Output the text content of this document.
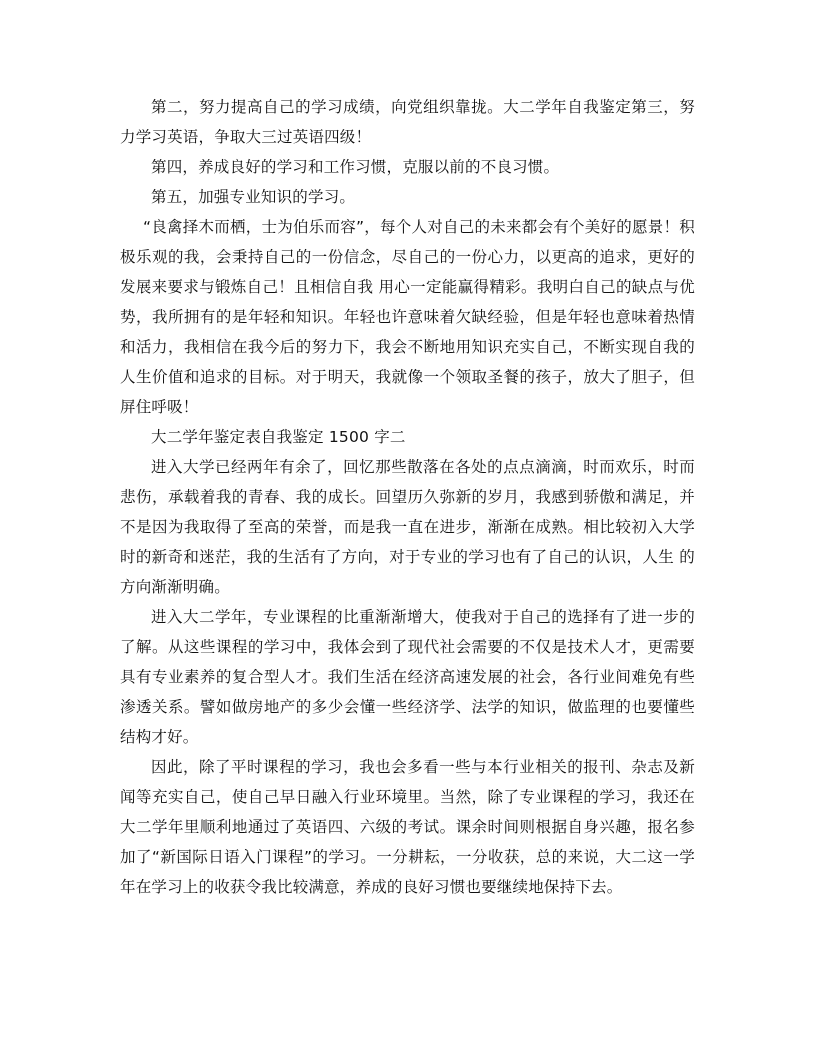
第二，努力提高自己的学习成绩，向党组织靠拢。大二学年自我鉴定第三，努力学习英语，争取大三过英语四级！

第四，养成良好的学习和工作习惯，克服以前的不良习惯。

第五，加强专业知识的学习。

“良禽择木而栖，士为伯乐而容”，每个人对自己的未来都会有个美好的愿景！积极乐观的我，会秉持自己的一份信念，尽自己的一份心力，以更高的追求，更好的发展来要求与锻炼自己！且相信自我 用心一定能赢得精彩。我明白自己的缺点与优势，我所拥有的是年轻和知识。年轻也许意味着欠缺经验，但是年轻也意味着热情和活力，我相信在我今后的努力下，我会不断地用知识充实自己，不断实现自我的人生价值和追求的目标。对于明天，我就像一个领取圣餐的孩子，放大了胆子，但屏住呼吸！

大二学年鉴定表自我鉴定 1500 字二

进入大学已经两年有余了，回忆那些散落在各处的点点滴滴，时而欢乐，时而悲伤，承载着我的青春、我的成长。回望历久弥新的岁月，我感到骄傲和满足，并不是因为我取得了至高的荣誉，而是我一直在进步，渐渐在成熟。相比较初入大学时的新奇和迷茫，我的生活有了方向，对于专业的学习也有了自己的认识，人生 的方向渐渐明确。

进入大二学年，专业课程的比重渐渐增大，使我对于自己的选择有了进一步的了解。从这些课程的学习中，我体会到了现代社会需要的不仅是技术人才，更需要具有专业素养的复合型人才。我们生活在经济高速发展的社会，各行业间难免有些渗透关系。譬如做房地产的多少会懂一些经济学、法学的知识，做监理的也要懂些结构才好。

因此，除了平时课程的学习，我也会多看一些与本行业相关的报刊、杂志及新闻等充实自己，使自己早日融入行业环境里。当然，除了专业课程的学习，我还在大二学年里顺利地通过了英语四、六级的考试。课余时间则根据自身兴趣，报名参加了“新国际日语入门课程”的学习。一分耕耘，一分收获，总的来说，大二这一学年在学习上的收获令我比较满意，养成的良好习惯也要继续地保持下去。
